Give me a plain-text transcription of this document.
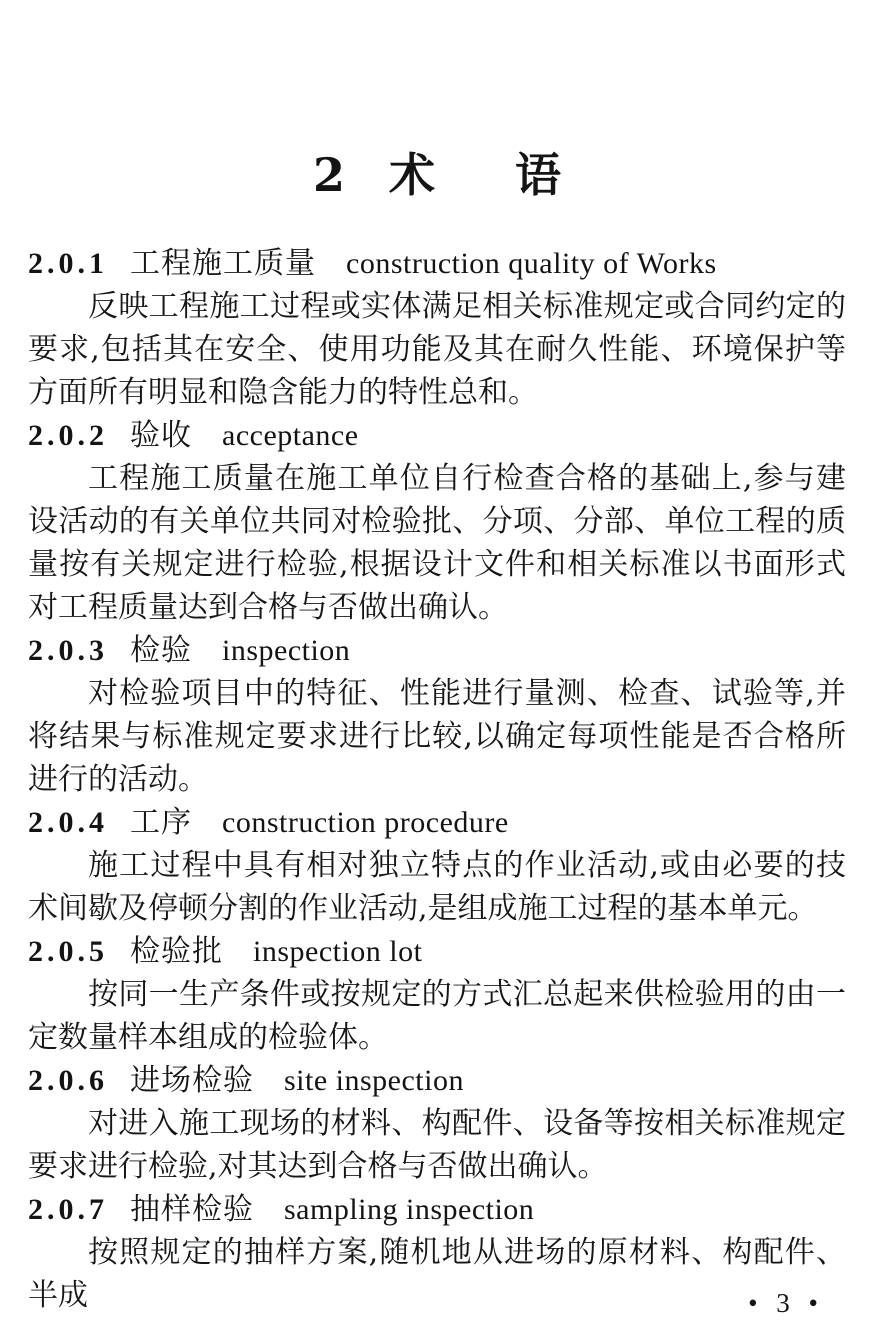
2 术 语
2.0.1 工程施工质量 construction quality of Works

反映工程施工过程或实体满足相关标准规定或合同约定的要求,包括其在安全、使用功能及其在耐久性能、环境保护等方面所有明显和隐含能力的特性总和。

2.0.2 验收 acceptance

工程施工质量在施工单位自行检查合格的基础上,参与建设活动的有关单位共同对检验批、分项、分部、单位工程的质量按有关规定进行检验,根据设计文件和相关标准以书面形式对工程质量达到合格与否做出确认。

2.0.3 检验 inspection

对检验项目中的特征、性能进行量测、检查、试验等,并将结果与标准规定要求进行比较,以确定每项性能是否合格所进行的活动。

2.0.4 工序 construction procedure

施工过程中具有相对独立特点的作业活动,或由必要的技术间歇及停顿分割的作业活动,是组成施工过程的基本单元。

2.0.5 检验批 inspection lot

按同一生产条件或按规定的方式汇总起来供检验用的由一定数量样本组成的检验体。

2.0.6 进场检验 site inspection

对进入施工现场的材料、构配件、设备等按相关标准规定要求进行检验,对其达到合格与否做出确认。

2.0.7 抽样检验 sampling inspection

按照规定的抽样方案,随机地从进场的原材料、构配件、半成	• 3 •
